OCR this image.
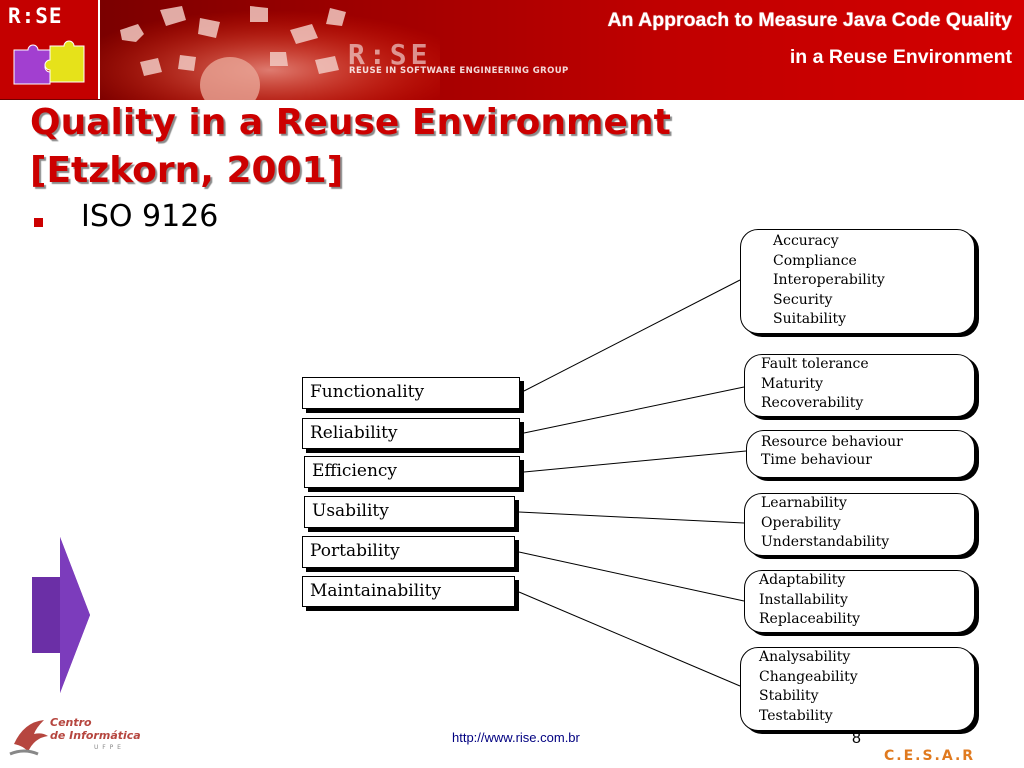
R:SE
R:SE
REUSE IN SOFTWARE ENGINEERING GROUP
An Approach to Measure Java Code Quality
in a Reuse Environment
Quality in a Reuse Environment
[Etzkorn, 2001]
ISO 9126
Functionality
Reliability
Efficiency
Usability
Portability
Maintainability
Accuracy
Compliance
Interoperability
Security
Suitability
Fault tolerance
Maturity
Recoverability
Resource behaviour
Time behaviour
Learnability
Operability
Understandability
Adaptability
Installability
Replaceability
Analysability
Changeability
Stability
Testability
Centro
de Informática
U F P E
http://www.rise.com.br	8
C.E.S.A.R
